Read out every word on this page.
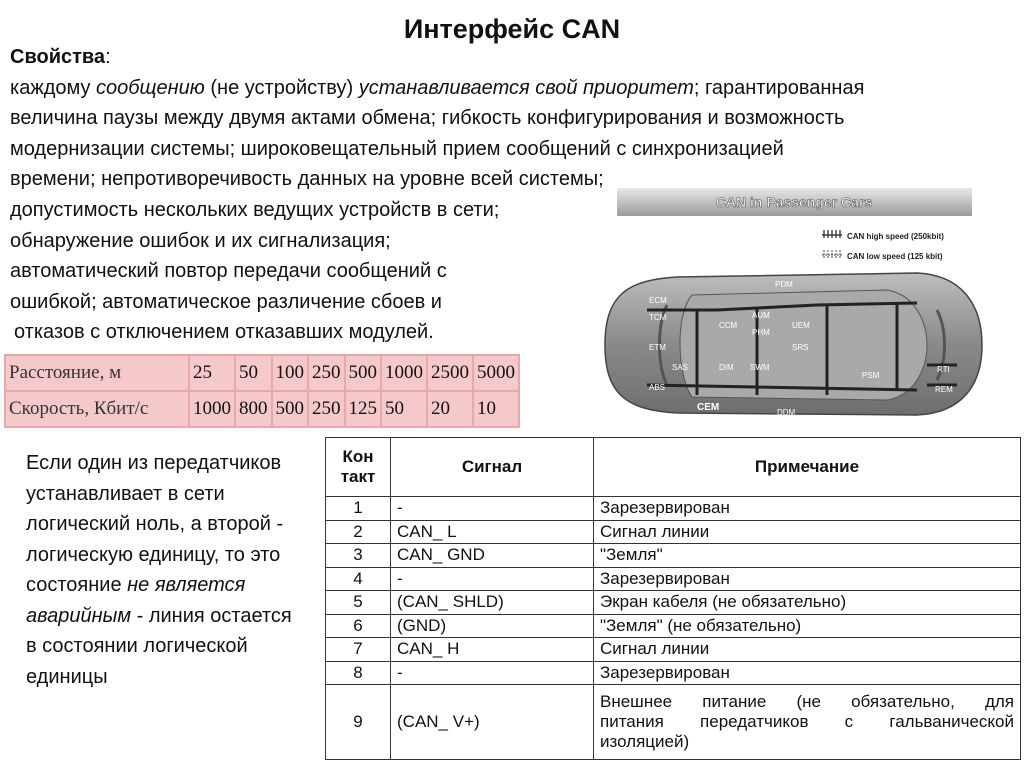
Интерфейс CAN
Свойства:
каждому сообщению (не устройству) устанавливается свой приоритет; гарантированная
величина паузы между двумя актами обмена; гибкость конфигурирования и возможность
модернизации системы; широковещательный прием сообщений с синхронизацией
времени; непротиворечивость данных на уровне всей системы;
допустимость нескольких ведущих устройств в сети;
обнаружение ошибок и их сигнализация;
автоматический повтор передачи сообщений с
ошибкой; автоматическое различение сбоев и
отказов с отключением отказавших модулей.
CAN in Passenger Cars
CAN high speed (250kbit)
CAN low speed (125 kbit)
ECM
TCM
ETM
SAS
ABS
CCM
AUM
PHM
UEM
SRS
DIM SWM
PDM
PSM
RTI
REM
CEM	DDM
Расстояние, м	25	50	100	250	500	1000	2500	5000
Скорость, Кбит/с	1000	800	500	250	125	50	20	10
Если один из передатчиков устанавливает в сети логический ноль, а второй - логическую единицу, то это состояние не является аварийным - линия остается в состоянии логической единицы
Кон такт	Сигнал	Примечание
1	-	Зарезервирован
2	CAN_ L	Сигнал линии
3	CAN_ GND	"Земля"
4	-	Зарезервирован
5	(CAN_ SHLD)	Экран кабеля (не обязательно)
6	(GND)	"Земля" (не обязательно)
7	CAN_ H	Сигнал линии
8	-	Зарезервирован
9	(CAN_ V+)	Внешнее питание (не обязательно, для
питания передатчиков с гальванической
изоляцией)
